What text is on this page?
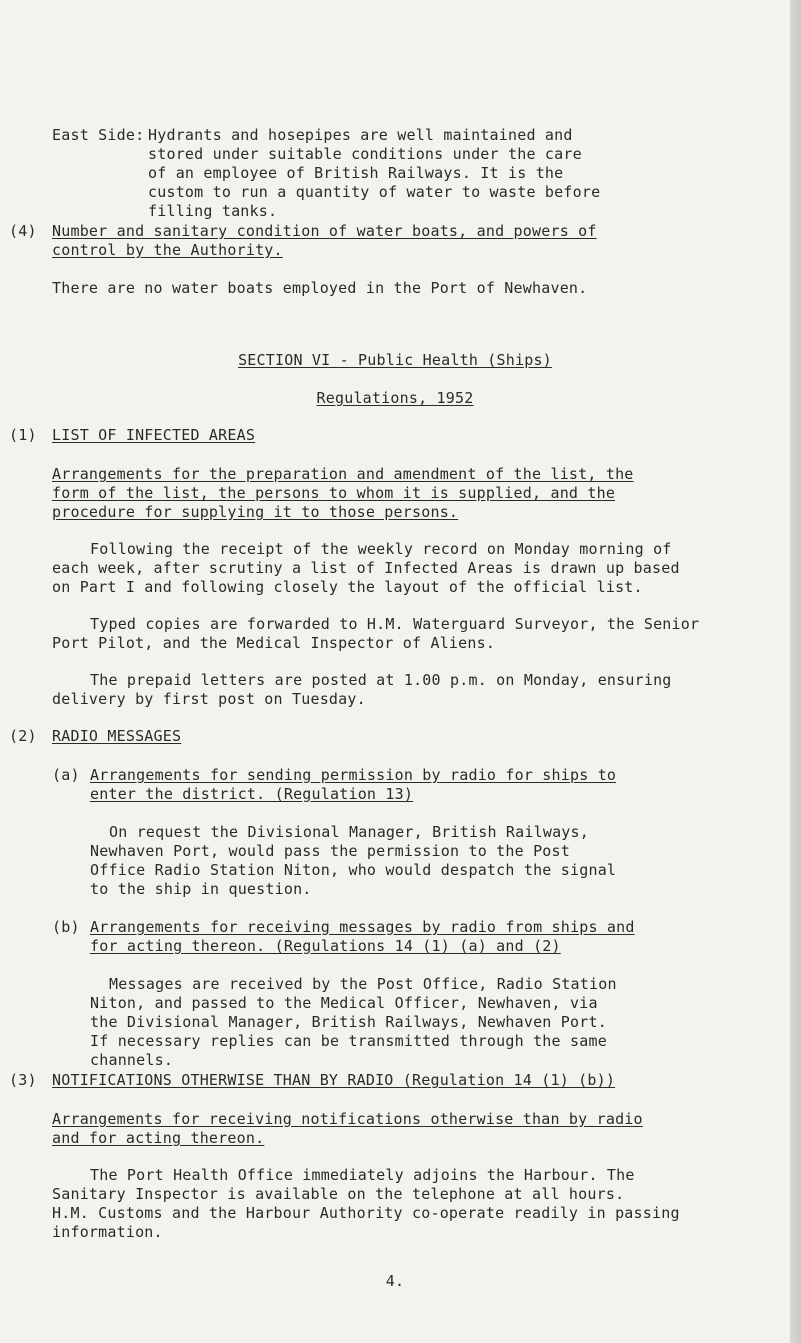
East Side: Hydrants and hosepipes are well maintained and
stored under suitable conditions under the care
of an employee of British Railways. It is the
custom to run a quantity of water to waste before
filling tanks.
(4) Number and sanitary condition of water boats, and powers of
control by the Authority.
There are no water boats employed in the Port of Newhaven.
SECTION VI - Public Health (Ships)
Regulations, 1952
(1) LIST OF INFECTED AREAS
Arrangements for the preparation and amendment of the list, the
form of the list, the persons to whom it is supplied, and the
procedure for supplying it to those persons.
Following the receipt of the weekly record on Monday morning of
each week, after scrutiny a list of Infected Areas is drawn up based
on Part I and following closely the layout of the official list.
Typed copies are forwarded to H.M. Waterguard Surveyor, the Senior
Port Pilot, and the Medical Inspector of Aliens.
The prepaid letters are posted at 1.00 p.m. on Monday, ensuring
delivery by first post on Tuesday.
(2) RADIO MESSAGES
(a) Arrangements for sending permission by radio for ships to
enter the district. (Regulation 13)
On request the Divisional Manager, British Railways,
Newhaven Port, would pass the permission to the Post
Office Radio Station Niton, who would despatch the signal
to the ship in question.
(b) Arrangements for receiving messages by radio from ships and
for acting thereon. (Regulations 14 (1) (a) and (2)
Messages are received by the Post Office, Radio Station
Niton, and passed to the Medical Officer, Newhaven, via
the Divisional Manager, British Railways, Newhaven Port.
If necessary replies can be transmitted through the same
channels.
(3) NOTIFICATIONS OTHERWISE THAN BY RADIO (Regulation 14 (1) (b))
Arrangements for receiving notifications otherwise than by radio
and for acting thereon.
The Port Health Office immediately adjoins the Harbour. The
Sanitary Inspector is available on the telephone at all hours.
H.M. Customs and the Harbour Authority co-operate readily in passing
information.
4.
